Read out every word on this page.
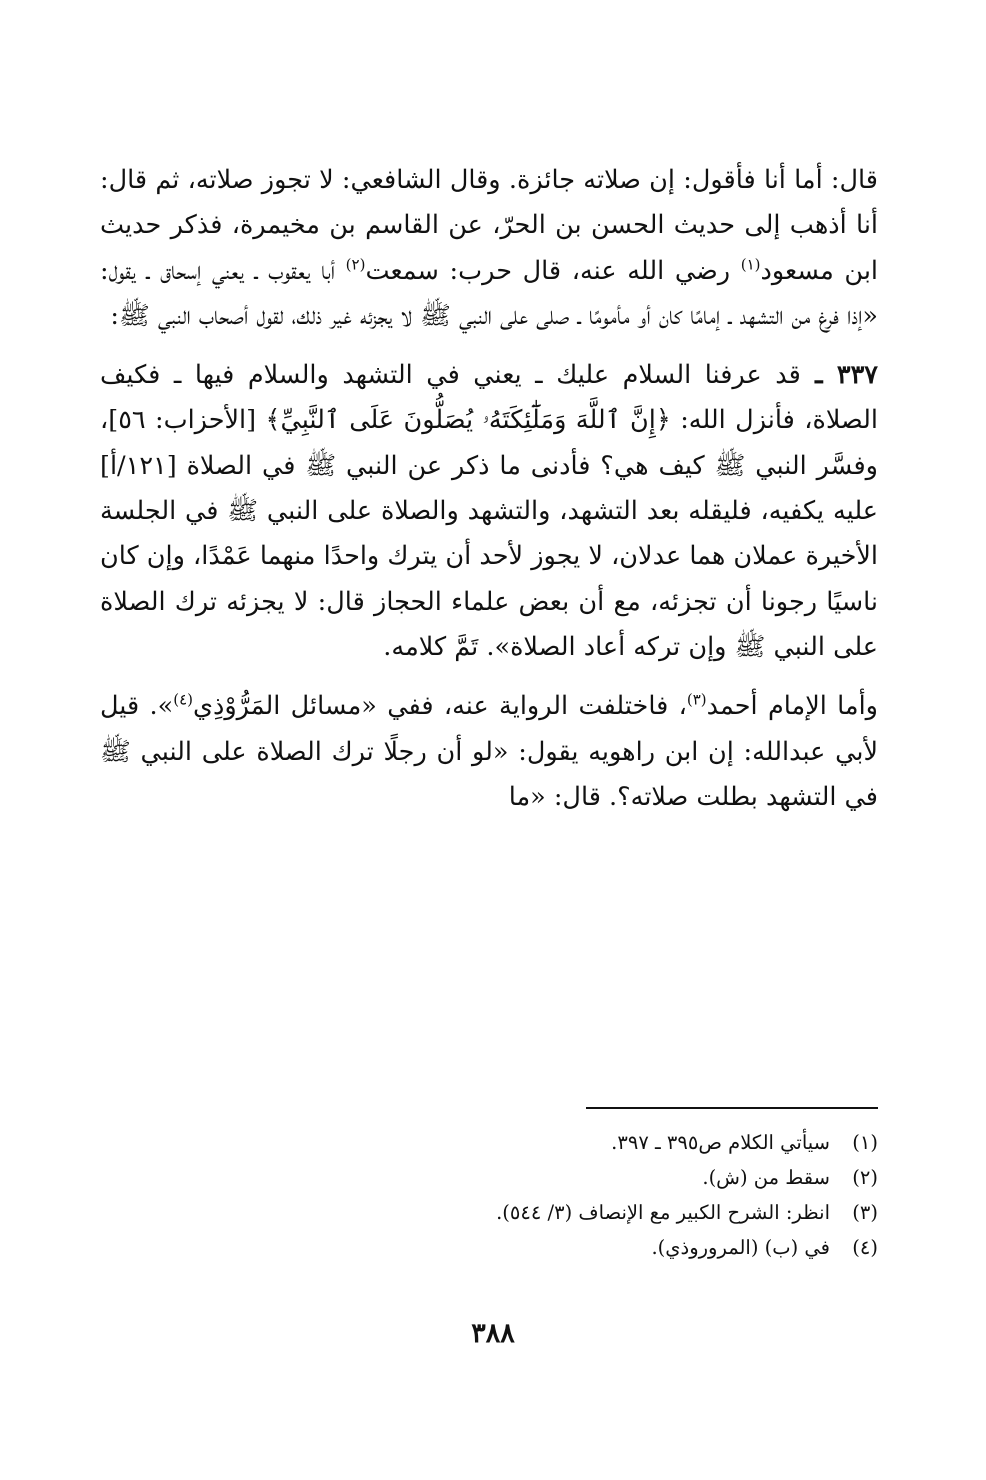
قال: أما أنا فأقول: إن صلاته جائزة. وقال الشافعي: لا تجوز صلاته، ثم قال: أنا أذهب إلى حديث الحسن بن الحرّ، عن القاسم بن مخيمرة، فذكر حديث ابن مسعود$^{(١)}$ رضي الله عنه، قال حرب: سمعت$^{(٢)}$ أبا يعقوب ـ يعني إسحاق ـ يقول: «إذا فرغ من التشهد ـ إمامًا كان أو مأمومًا ـ صلى على النبي ﷺ لا يجزئه غير ذلك، لقول أصحاب النبي ﷺ:

٣٣٧ ـ قد عرفنا السلام عليك ـ يعني في التشهد والسلام فيها ـ فكيف الصلاة، فأنزل الله: ﴿إِنَّ ٱللَّهَ وَمَلَٰٓئِكَتَهُۥ يُصَلُّونَ عَلَى ٱلنَّبِيِّ﴾ [الأحزاب: ٥٦]، وفسَّر النبي ﷺ كيف هي؟ فأدنى ما ذكر عن النبي ﷺ في الصلاة [١٢١/أ] عليه يكفيه، فليقله بعد التشهد، والتشهد والصلاة على النبي ﷺ في الجلسة الأخيرة عملان هما عدلان، لا يجوز لأحد أن يترك واحدًا منهما عَمْدًا، وإن كان ناسيًا رجونا أن تجزئه، مع أن بعض علماء الحجاز قال: لا يجزئه ترك الصلاة على النبي ﷺ وإن تركه أعاد الصلاة». تَمَّ كلامه.

وأما الإمام أحمد$^{(٣)}$، فاختلفت الرواية عنه، ففي «مسائل المَرُّوْذِي$^{(٤)}$». قيل لأبي عبدالله: إن ابن راهويه يقول: «لو أن رجلًا ترك الصلاة على النبي ﷺ في التشهد بطلت صلاته؟. قال: «ما

(١)سيأتي الكلام ص٣٩٥ ـ ٣٩٧.
(٢)سقط من (ش).
(٣)انظر: الشرح الكبير مع الإنصاف (٣/ ٥٤٤).
(٤)في (ب) (المروروذي).
٣٨٨
